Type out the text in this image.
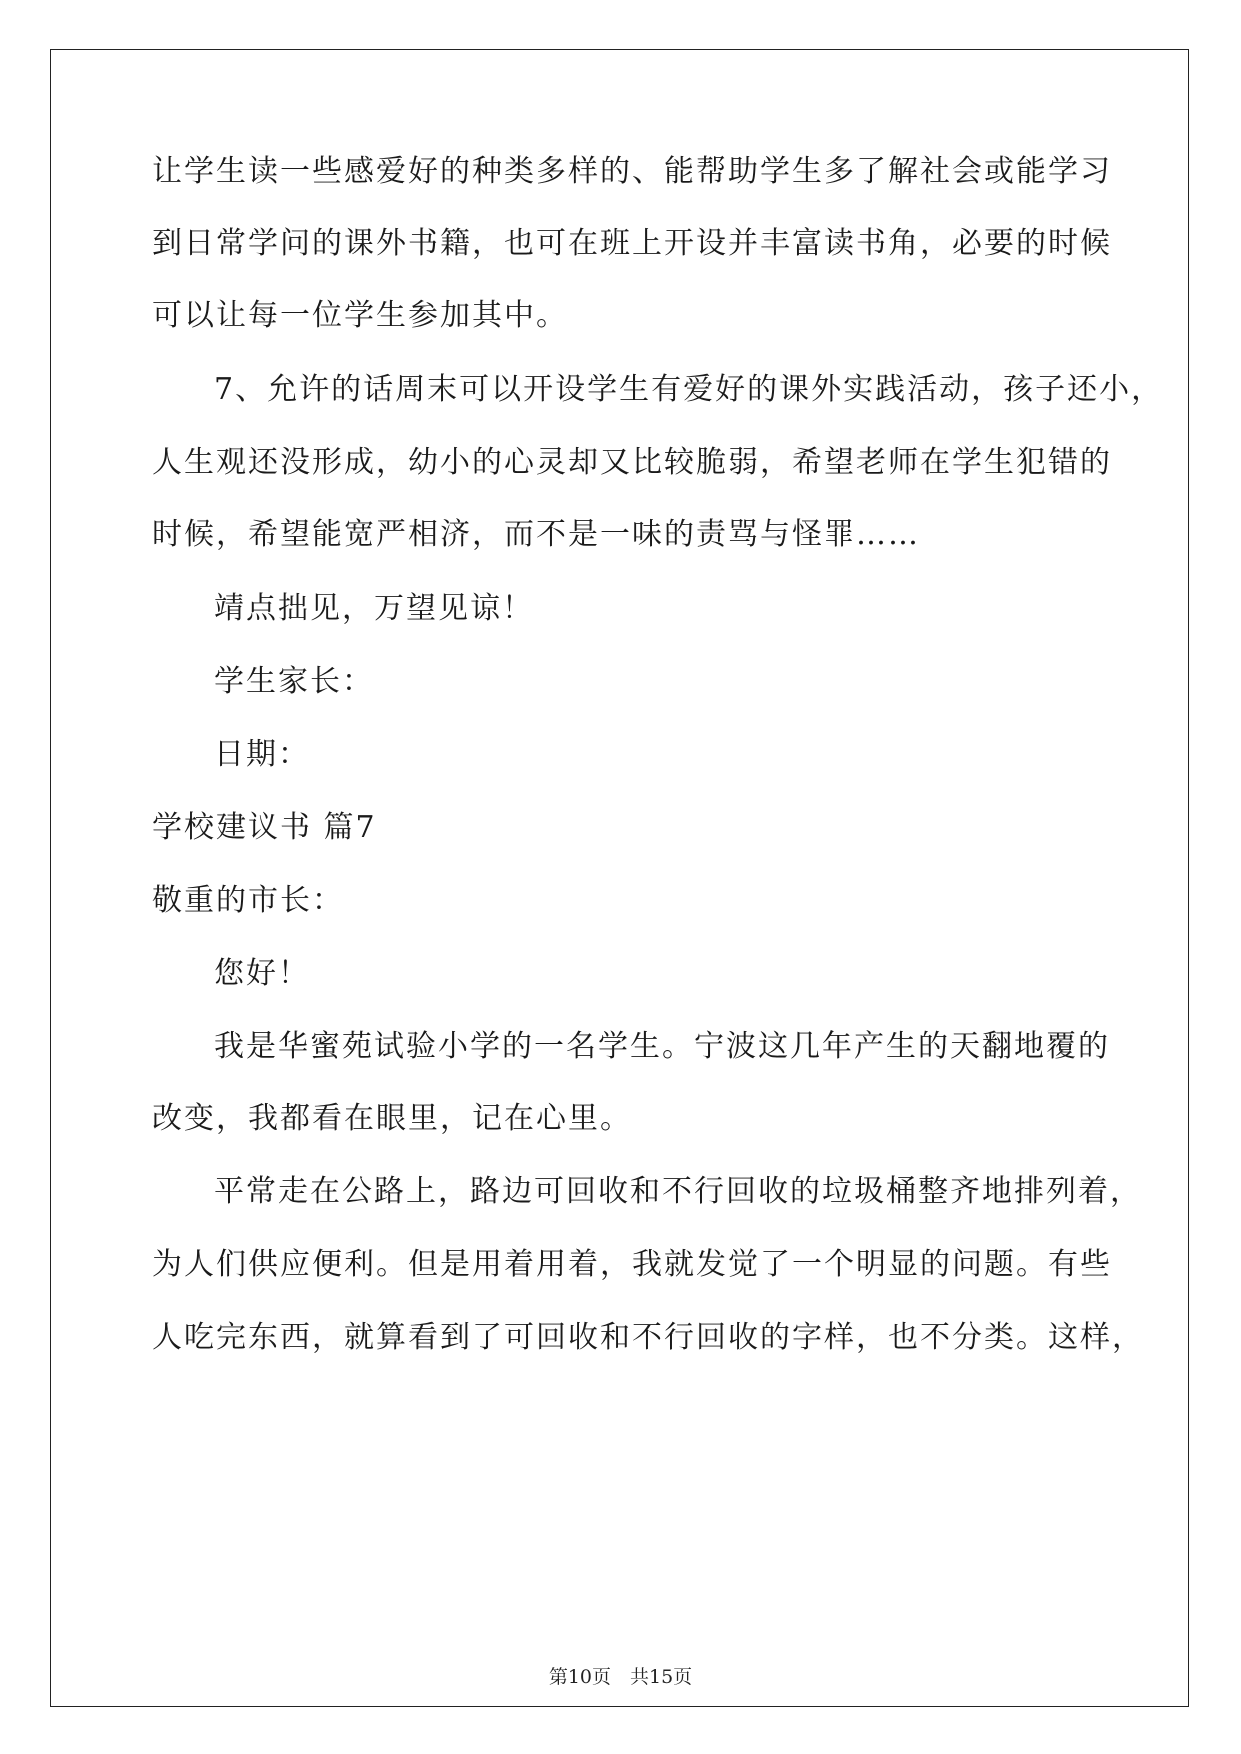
让学生读一些感爱好的种类多样的、能帮助学生多了解社会或能学习
到日常学问的课外书籍，也可在班上开设并丰富读书角，必要的时候
可以让每一位学生参加其中。
7、允许的话周末可以开设学生有爱好的课外实践活动，孩子还小，
人生观还没形成，幼小的心灵却又比较脆弱，希望老师在学生犯错的
时候，希望能宽严相济，而不是一味的责骂与怪罪……
靖点拙见，万望见谅！
学生家长：
日期：
学校建议书 篇7
敬重的市长：
您好！
我是华蜜苑试验小学的一名学生。宁波这几年产生的天翻地覆的
改变，我都看在眼里，记在心里。
平常走在公路上，路边可回收和不行回收的垃圾桶整齐地排列着，
为人们供应便利。但是用着用着，我就发觉了一个明显的问题。有些
人吃完东西，就算看到了可回收和不行回收的字样，也不分类。这样，
第10页　共15页
